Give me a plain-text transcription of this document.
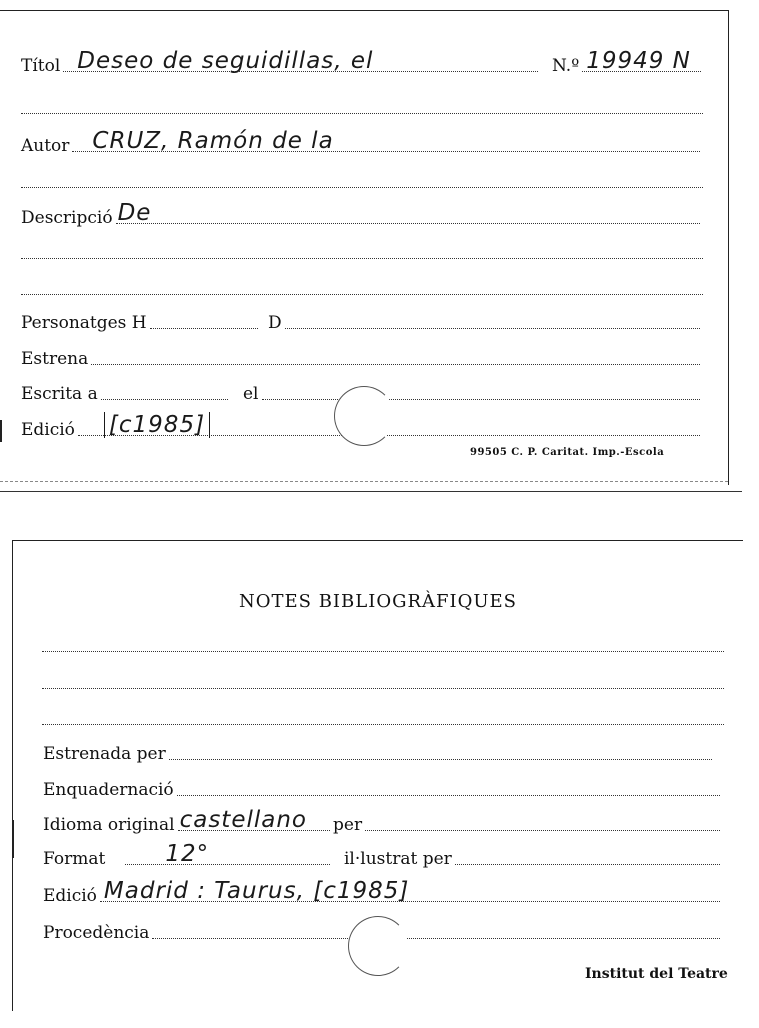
Títol Deseo de seguidillas, el	N.º 19949 N
Autor CRUZ, Ramón de la
Descripció De
Personatges H	D
Estrena
Escrita a	el
Edició [c1985]
99505 C. P. Caritat. Imp.-Escola
NOTES BIBLIOGRÀFIQUES
Estrenada per
Enquadernació
Idioma original castellano per
Format	12°	il·lustrat per
Edició Madrid : Taurus, [c1985]
Procedència
Institut del Teatre
